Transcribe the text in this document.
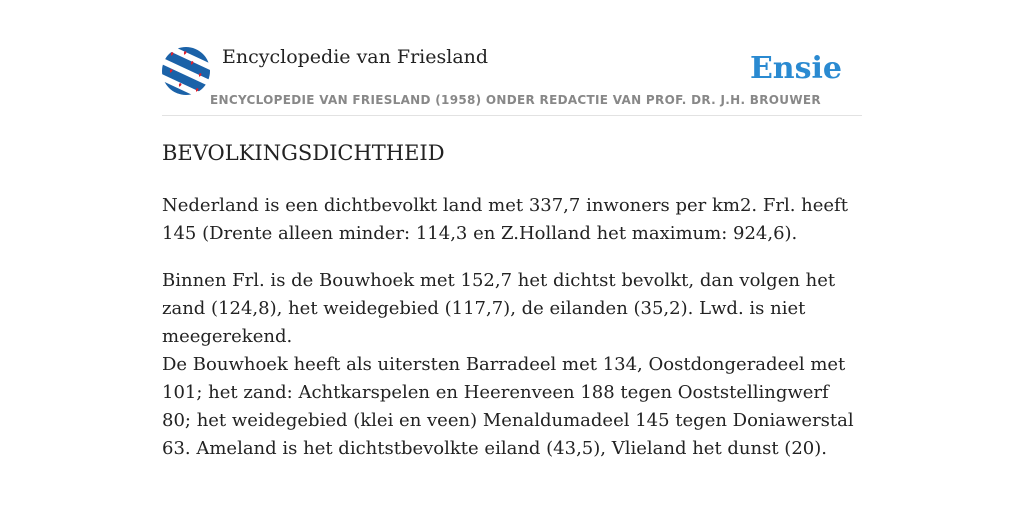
Encyclopedie van Friesland
ENCYCLOPEDIE VAN FRIESLAND (1958) ONDER REDACTIE VAN PROF. DR. J.H. BROUWER
Ensie
BEVOLKINGSDICHTHEID

Nederland is een dichtbevolkt land met 337,7 inwoners per km2. Frl. heeft 145 (Drente alleen minder: 114,3 en Z.Holland het maximum: 924,6).

Binnen Frl. is de Bouwhoek met 152,7 het dichtst bevolkt, dan volgen het zand (124,8), het weidegebied (117,7), de eilanden (35,2). Lwd. is niet meegerekend.

De Bouwhoek heeft als uitersten Barradeel met 134, Oostdongeradeel met 101; het zand: Achtkarspelen en Heerenveen 188 tegen Ooststellingwerf 80; het weidegebied (klei en veen) Menaldumadeel 145 tegen Doniawerstal 63. Ameland is het dichtstbevolkte eiland (43,5), Vlieland het dunst (20).
